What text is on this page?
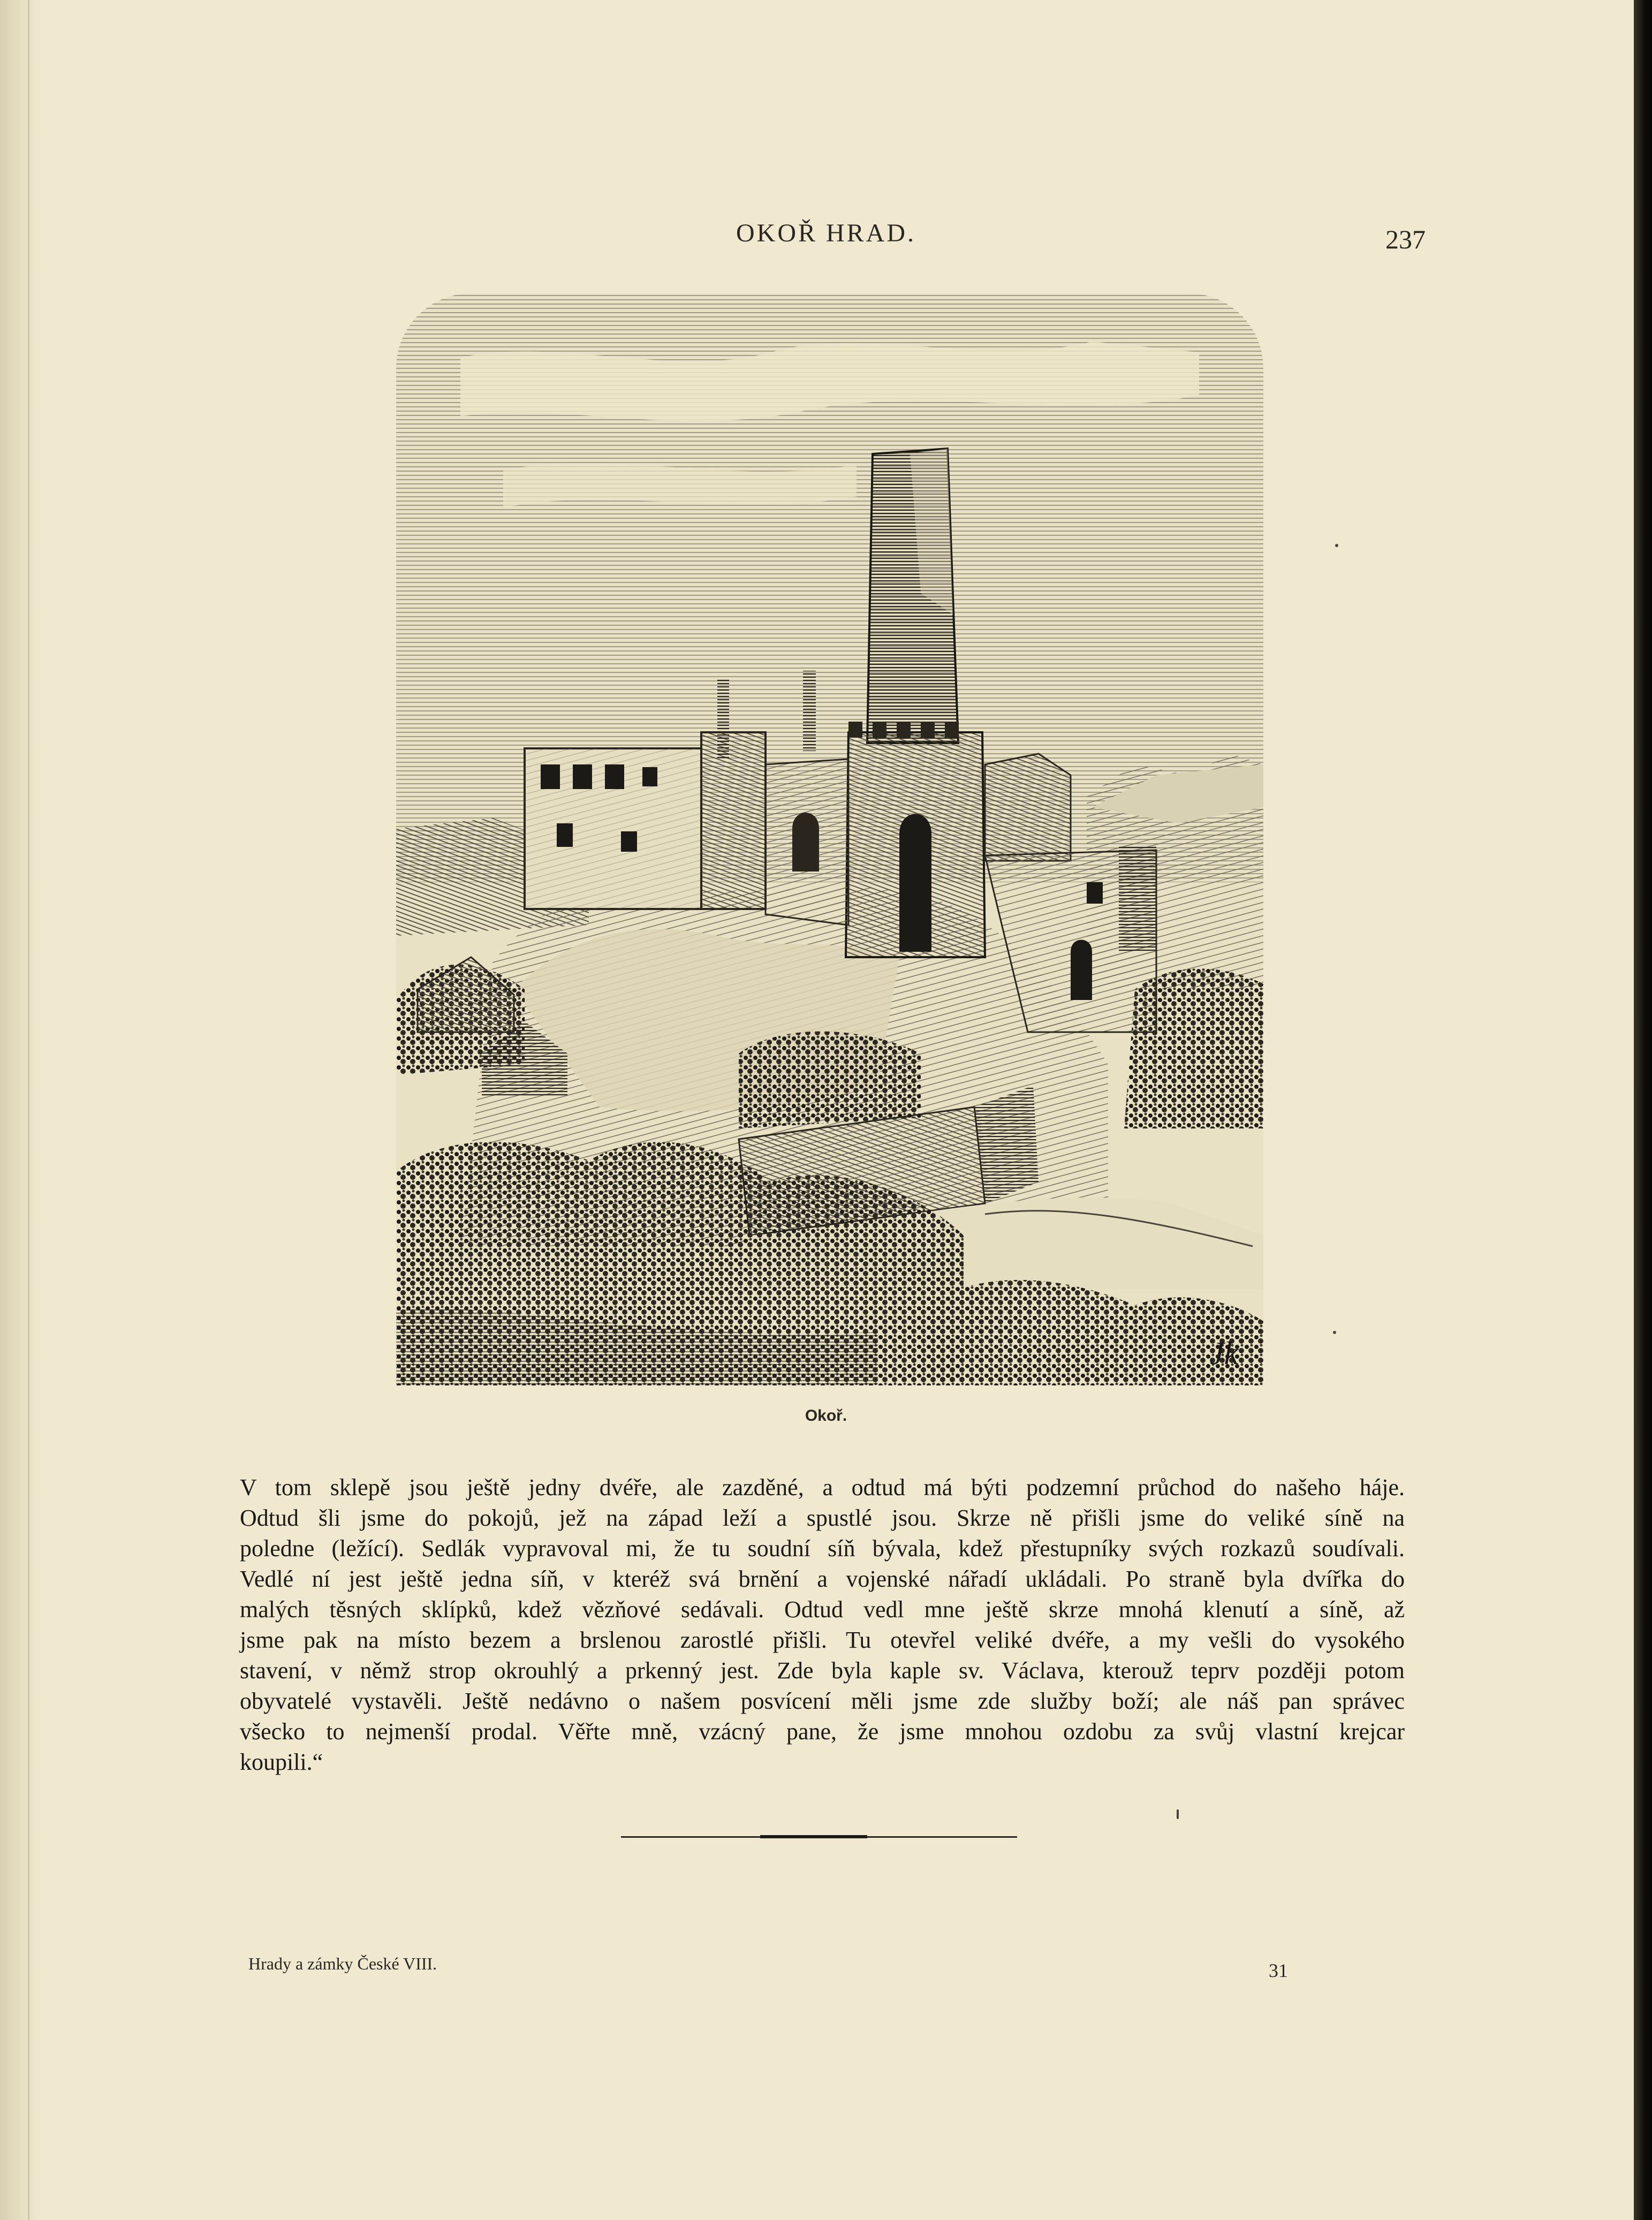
OKOŘ HRAD.	237
Jk
Okoř.

V tom sklepě jsou ještě jedny dvéře, ale zazděné, a odtud má býti podzemní průchod do našeho háje.
Odtud šli jsme do pokojů, jež na západ leží a spustlé jsou. Skrze ně přišli jsme do veliké síně na
poledne (ležící). Sedlák vypravoval mi, že tu soudní síň bývala, kdež přestupníky svých rozkazů soudívali.
Vedlé ní jest ještě jedna síň, v kteréž svá brnění a vojenské nářadí ukládali. Po straně byla dvířka do
malých těsných sklípků, kdež vězňové sedávali. Odtud vedl mne ještě skrze mnohá klenutí a síně, až
jsme pak na místo bezem a brslenou zarostlé přišli. Tu otevřel veliké dvéře, a my vešli do vysokého
stavení, v němž strop okrouhlý a prkenný jest. Zde byla kaple sv. Václava, kterouž teprv později potom
obyvatelé vystavěli. Ještě nedávno o našem posvícení měli jsme zde služby boží; ale náš pan správec
všecko to nejmenší prodal. Věřte mně, vzácný pane, že jsme mnohou ozdobu za svůj vlastní krejcar
koupili.“

Hrady a zámky České VIII.	31
